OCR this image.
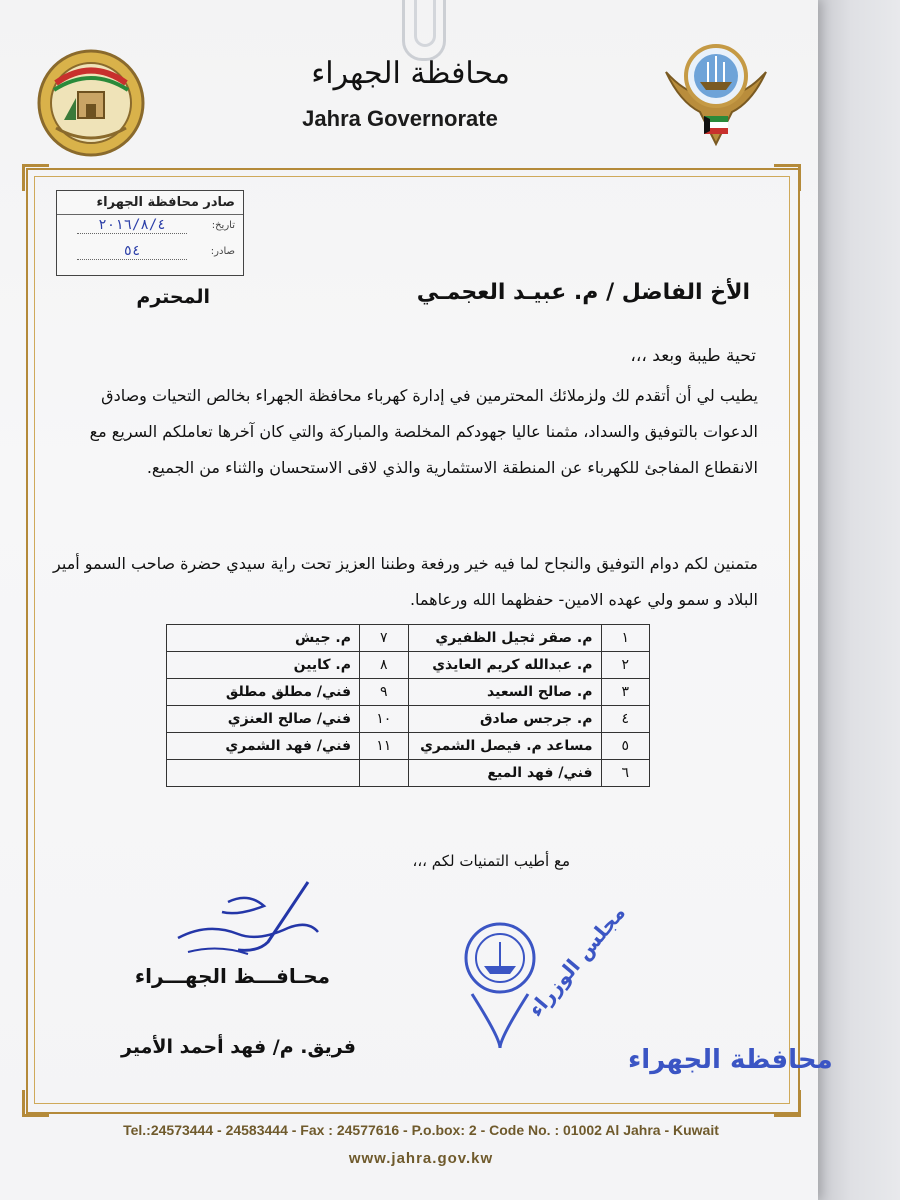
محافظة الجهراء
Jahra Governorate
صادر محافظة الجهراء
تاريخ:
٢٠١٦/٨/٤
صادر:
٥٤
الأخ الفاضل / م. عبيـد العجمـي
المحترم
تحية طيبة وبعد ،،،
يطيب لي أن أتقدم لك ولزملائك المحترمين في إدارة كهرباء محافظة الجهراء بخالص التحيات وصادق الدعوات بالتوفيق والسداد، مثمنا عاليا جهودكم المخلصة والمباركة والتي كان آخرها تعاملكم السريع مع الانقطاع المفاجئ للكهرباء عن المنطقة الاستثمارية والذي لاقى الاستحسان والثناء من الجميع.
متمنين لكم دوام التوفيق والنجاح لما فيه خير ورفعة وطننا العزيز تحت راية سيدي حضرة صاحب السمو أمير البلاد و سمو ولي عهده الامين- حفظهما الله ورعاهما.
١	م. صقر ثجيل الظفيري	٧	م. جيش
٢	م. عبدالله كريم العايذي	٨	م. كايين
٣	م. صالح السعيد	٩	فني/ مطلق مطلق
٤	م. جرجس صادق	١٠	فني/ صالح العنزي
٥	مساعد م. فيصل الشمري	١١	فني/ فهد الشمري
٦	فني/ فهد الميع		
مع أطيب التمنيات لكم ،،،
محـافـــظ الجهـــراء
فريق. م/ فهد أحمد الأمير
مجلس الوزراء
محافظة الجهراء
Tel.:24573444 - 24583444 - Fax : 24577616 - P.o.box: 2 - Code No. : 01002 Al Jahra - Kuwait
www.jahra.gov.kw
